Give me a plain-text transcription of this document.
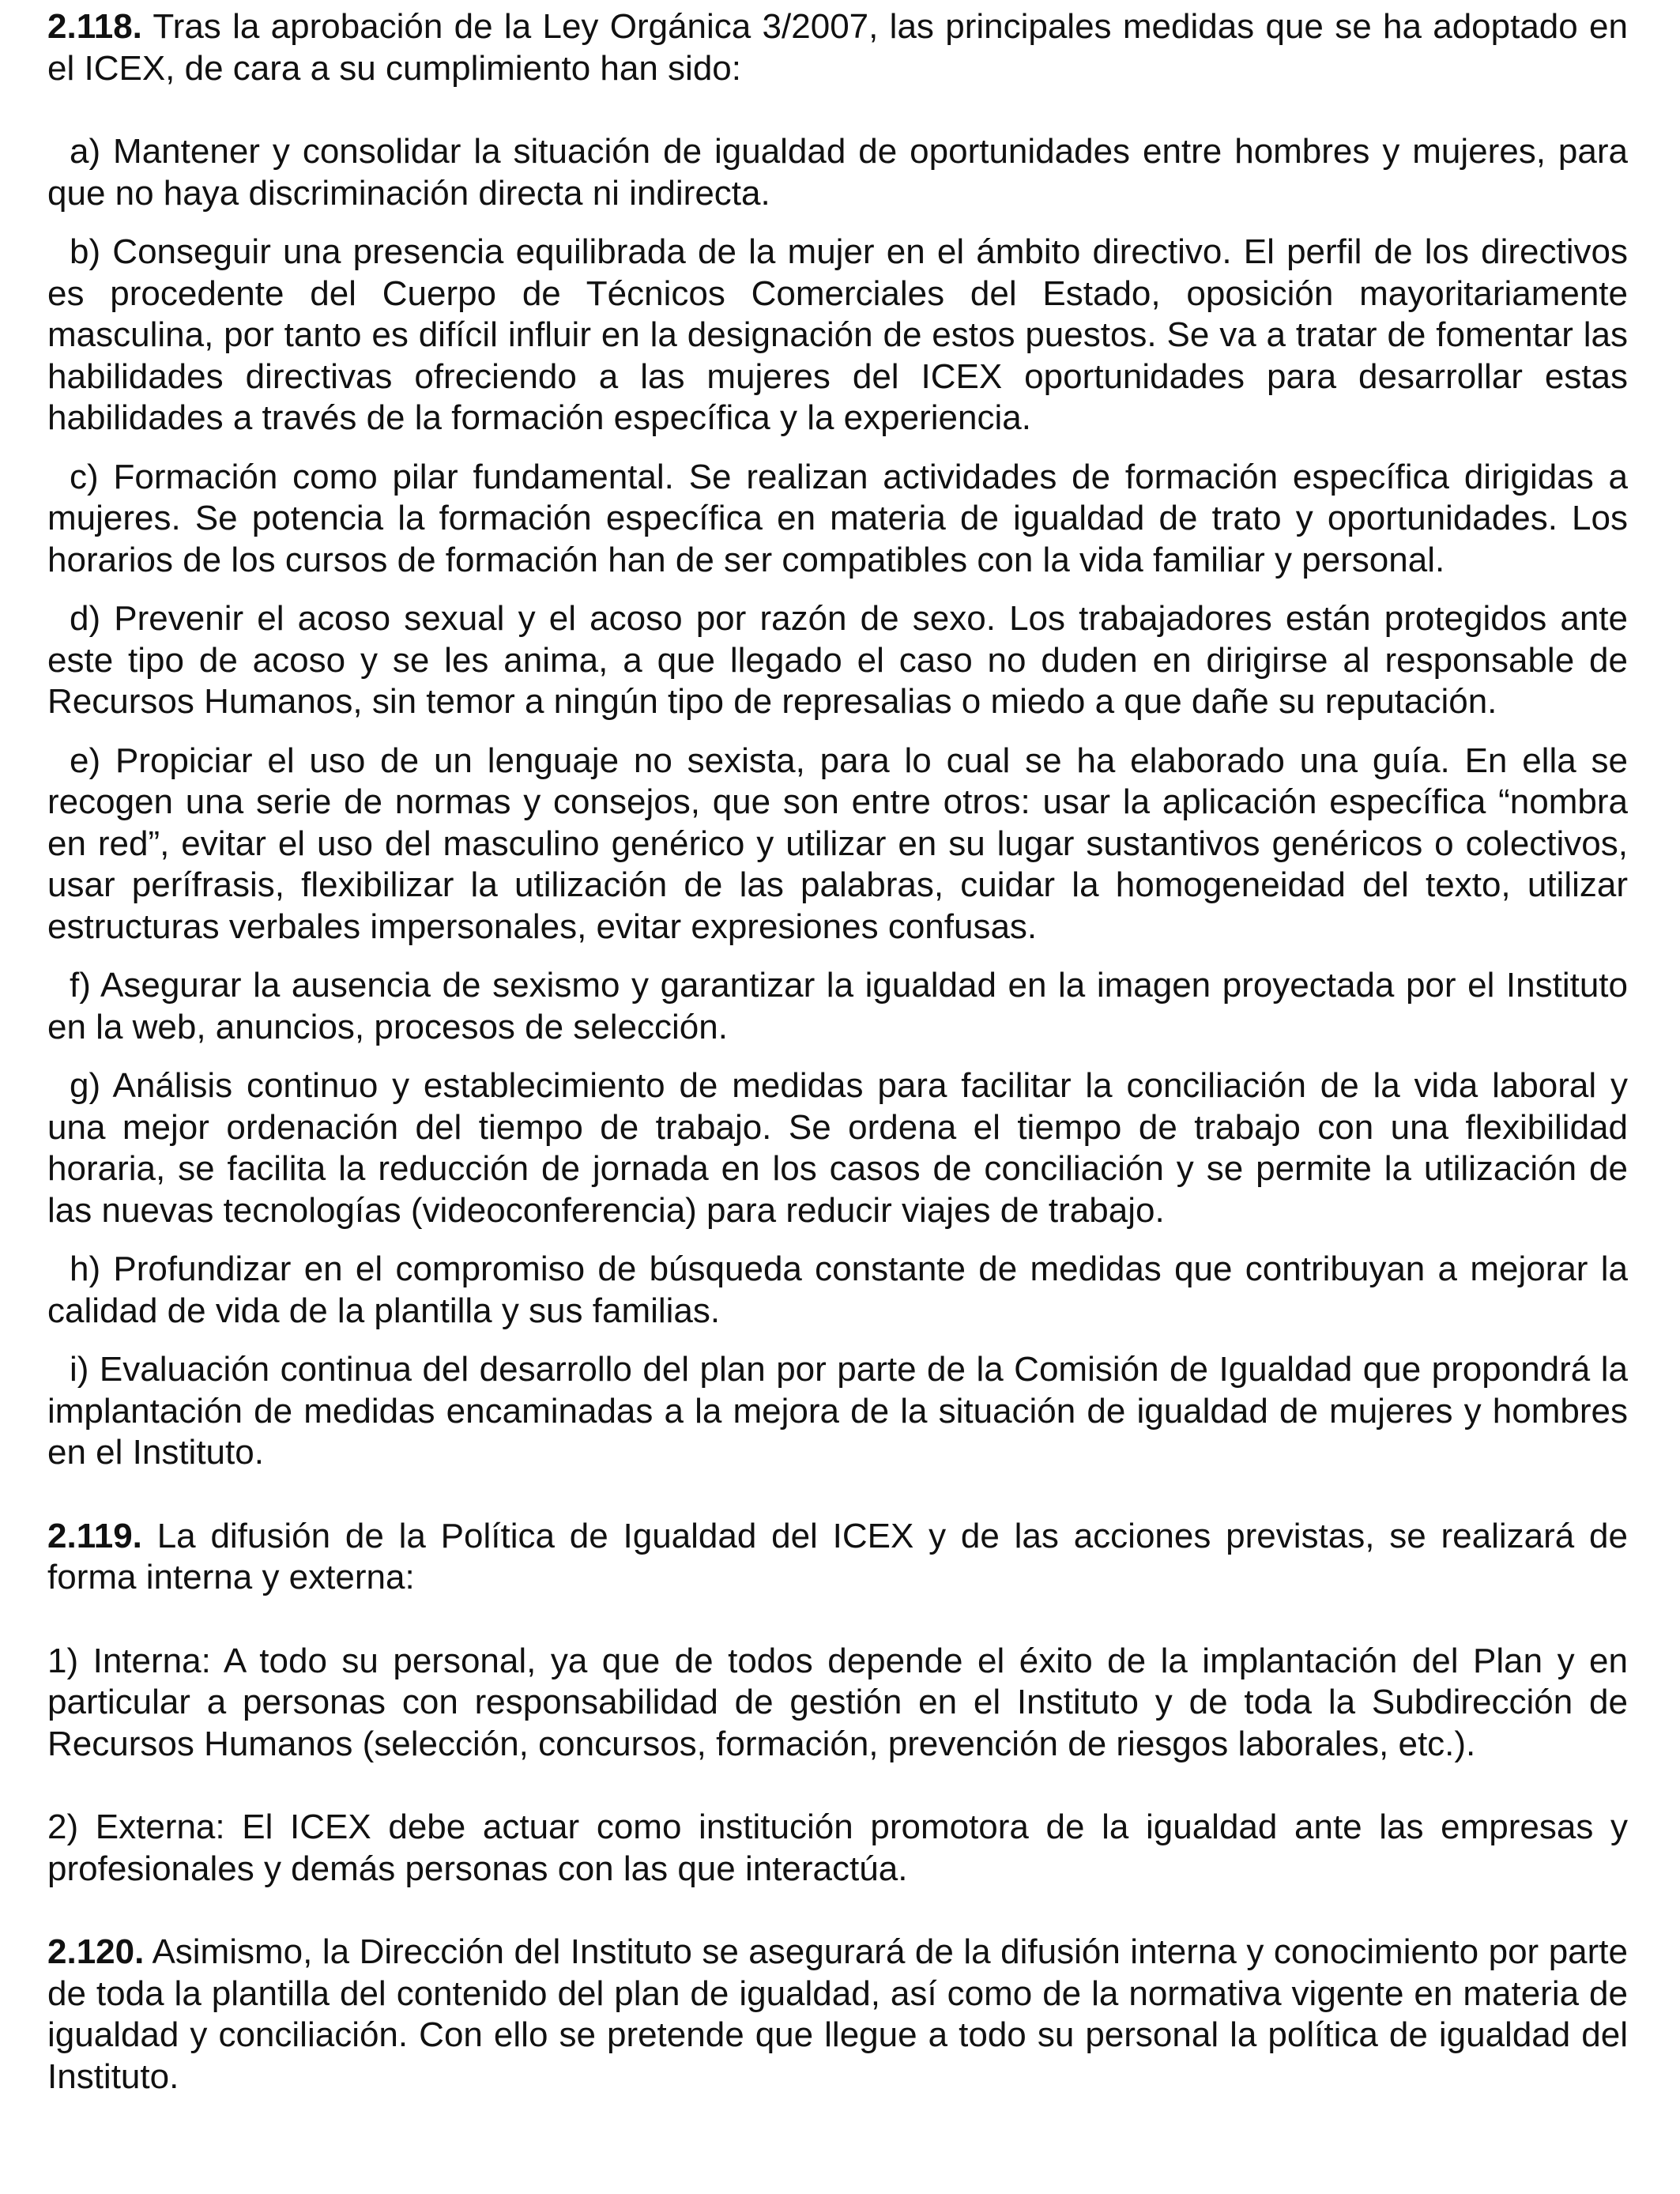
2.118. Tras la aprobación de la Ley Orgánica 3/2007, las principales medidas que se ha adoptado en el ICEX, de cara a su cumplimiento han sido:

a) Mantener y consolidar la situación de igualdad de oportunidades entre hombres y mujeres, para que no haya discriminación directa ni indirecta.

b) Conseguir una presencia equilibrada de la mujer en el ámbito directivo. El perfil de los directivos es procedente del Cuerpo de Técnicos Comerciales del Estado, oposición mayoritariamente masculina, por tanto es difícil influir en la designación de estos puestos. Se va a tratar de fomentar las habilidades directivas ofreciendo a las mujeres del ICEX oportunidades para desarrollar estas habilidades a través de la formación específica y la experiencia.

c) Formación como pilar fundamental. Se realizan actividades de formación específica dirigidas a mujeres. Se potencia la formación específica en materia de igualdad de trato y oportunidades. Los horarios de los cursos de formación han de ser compatibles con la vida familiar y personal.

d) Prevenir el acoso sexual y el acoso por razón de sexo. Los trabajadores están protegidos ante este tipo de acoso y se les anima, a que llegado el caso no duden en dirigirse al responsable de Recursos Humanos, sin temor a ningún tipo de represalias o miedo a que dañe su reputación.

e) Propiciar el uso de un lenguaje no sexista, para lo cual se ha elaborado una guía. En ella se recogen una serie de normas y consejos, que son entre otros: usar la aplicación específica “nombra en red”, evitar el uso del masculino genérico y utilizar en su lugar sustantivos genéricos o colectivos, usar perífrasis, flexibilizar la utilización de las palabras, cuidar la homogeneidad del texto, utilizar estructuras verbales impersonales, evitar expresiones confusas.

f) Asegurar la ausencia de sexismo y garantizar la igualdad en la imagen proyectada por el Instituto en la web, anuncios, procesos de selección.

g) Análisis continuo y establecimiento de medidas para facilitar la conciliación de la vida laboral y una mejor ordenación del tiempo de trabajo. Se ordena el tiempo de trabajo con una flexibilidad horaria, se facilita la reducción de jornada en los casos de conciliación y se permite la utilización de las nuevas tecnologías (videoconferencia) para reducir viajes de trabajo.

h) Profundizar en el compromiso de búsqueda constante de medidas que contribuyan a mejorar la calidad de vida de la plantilla y sus familias.

i) Evaluación continua del desarrollo del plan por parte de la Comisión de Igualdad que propondrá la implantación de medidas encaminadas a la mejora de la situación de igualdad de mujeres y hombres en el Instituto.

2.119. La difusión de la Política de Igualdad del ICEX y de las acciones previstas, se realizará de forma interna y externa:

1) Interna: A todo su personal, ya que de todos depende el éxito de la implantación del Plan y en particular a personas con responsabilidad de gestión en el Instituto y de toda la Subdirección de Recursos Humanos (selección, concursos, formación, prevención de riesgos laborales, etc.).

2) Externa: El ICEX debe actuar como institución promotora de la igualdad ante las empresas y profesionales y demás personas con las que interactúa.

2.120. Asimismo, la Dirección del Instituto se asegurará de la difusión interna y conocimiento por parte de toda la plantilla del contenido del plan de igualdad, así como de la normativa vigente en materia de igualdad y conciliación. Con ello se pretende que llegue a todo su personal la política de igualdad del Instituto.
